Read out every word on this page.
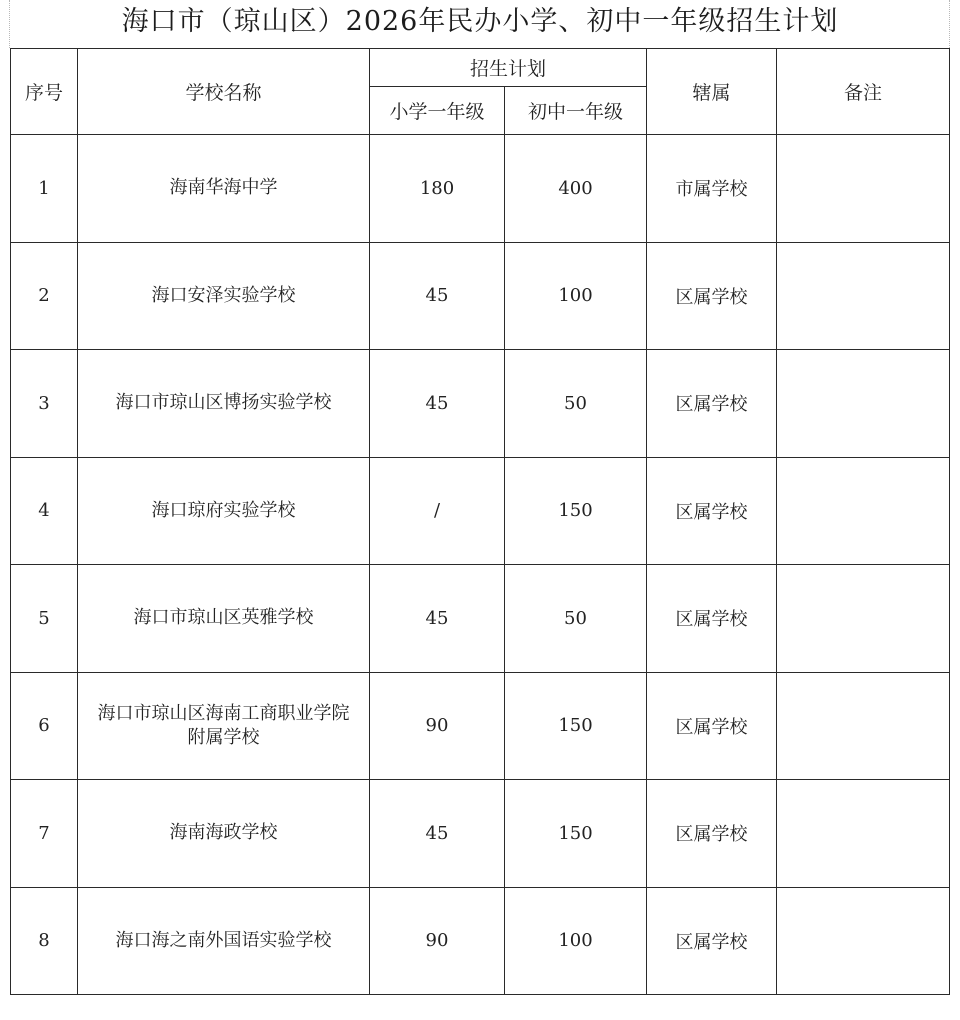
海口市（琼山区）2026年民办小学、初中一年级招生计划
序号	学校名称	招生计划		辖属	备注
		小学一年级	初中一年级		
1	海南华海中学	180	400	市属学校	
2	海口安泽实验学校	45	100	区属学校	
3	海口市琼山区博扬实验学校	45	50	区属学校	
4	海口琼府实验学校	/	150	区属学校	
5	海口市琼山区英雅学校	45	50	区属学校	
6	海口市琼山区海南工商职业学院附属学校	90	150	区属学校	
7	海南海政学校	45	150	区属学校	
8	海口海之南外国语实验学校	90	100	区属学校	
